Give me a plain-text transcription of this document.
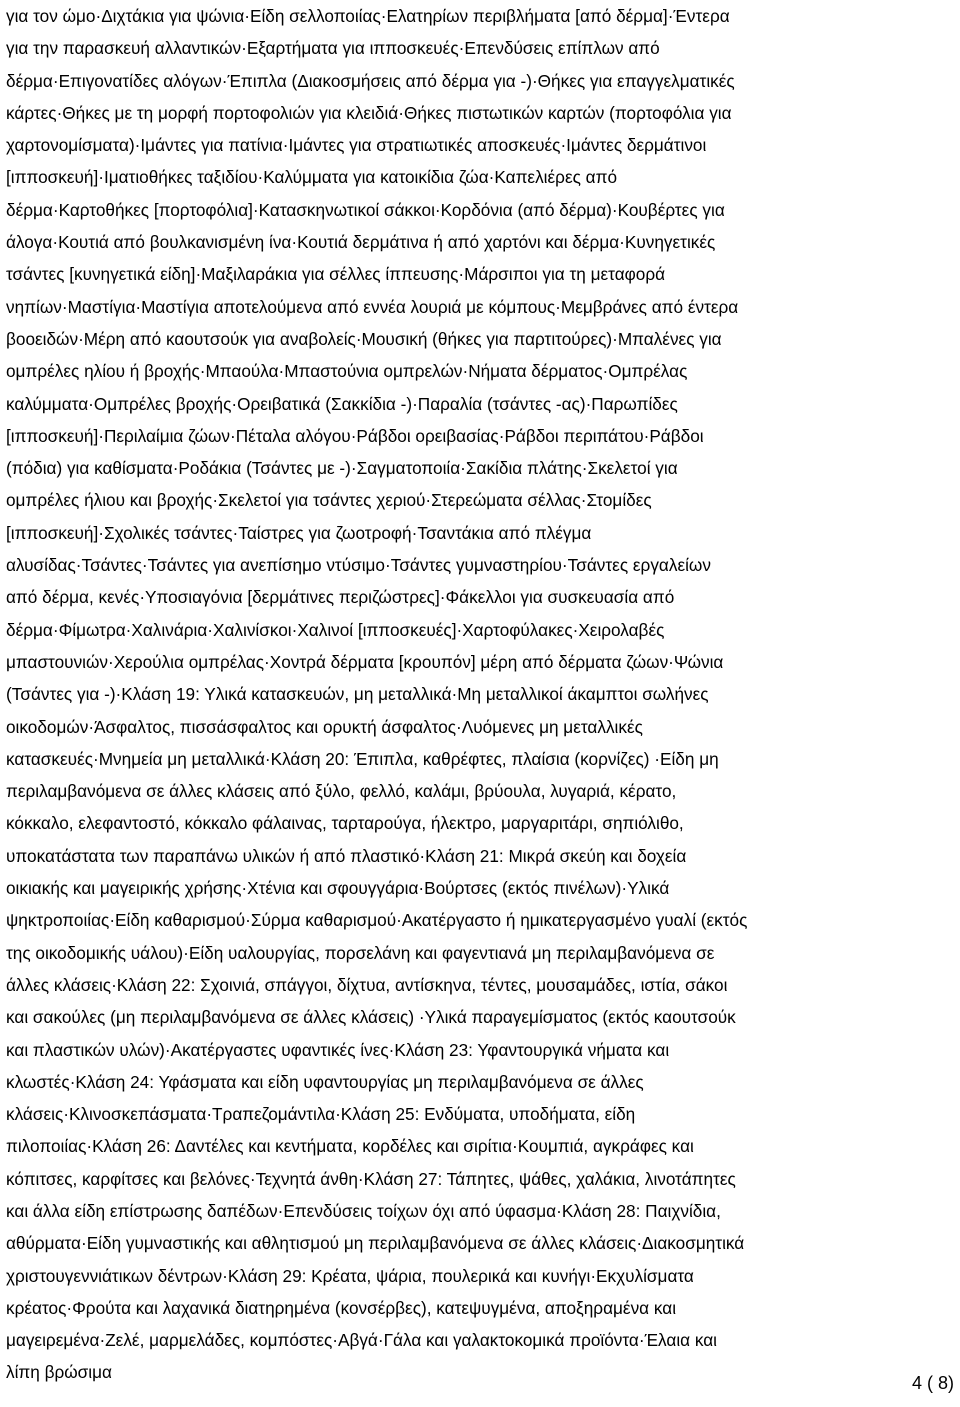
για τον ώμο·Διχτάκια για ψώνια·Είδη σελλοποιίας·Ελατηρίων περιβλήματα [από δέρμα]·Έντερα
για την παρασκευή αλλαντικών·Εξαρτήματα για ιπποσκευές·Επενδύσεις επίπλων από
δέρμα·Επιγονατίδες αλόγων·Έπιπλα (Διακοσμήσεις από δέρμα για -)·Θήκες για επαγγελματικές
κάρτες·Θήκες με τη μορφή πορτοφολιών για κλειδιά·Θήκες πιστωτικών καρτών (πορτοφόλια για
χαρτονομίσματα)·Ιμάντες για πατίνια·Ιμάντες για στρατιωτικές αποσκευές·Ιμάντες δερμάτινοι
[ιπποσκευή]·Ιματιοθήκες ταξιδίου·Καλύμματα για κατοικίδια ζώα·Καπελιέρες από
δέρμα·Καρτοθήκες [πορτοφόλια]·Κατασκηνωτικοί σάκκοι·Κορδόνια (από δέρμα)·Κουβέρτες για
άλογα·Κουτιά από βουλκανισμένη ίνα·Κουτιά δερμάτινα ή από χαρτόνι και δέρμα·Κυνηγετικές
τσάντες [κυνηγετικά είδη]·Μαξιλαράκια για σέλλες ίππευσης·Μάρσιποι για τη μεταφορά
νηπίων·Μαστίγια·Μαστίγια αποτελούμενα από εννέα λουριά με κόμπους·Μεμβράνες από έντερα
βοοειδών·Μέρη από καουτσούκ για αναβολείς·Μουσική (θήκες για παρτιτούρες)·Μπαλένες για
ομπρέλες ηλίου ή βροχής·Μπαούλα·Μπαστούνια ομπρελών·Νήματα δέρματος·Ομπρέλας
καλύμματα·Ομπρέλες βροχής·Ορειβατικά (Σακκίδια -)·Παραλία (τσάντες -ας)·Παρωπίδες
[ιπποσκευή]·Περιλαίμια ζώων·Πέταλα αλόγου·Ράβδοι ορειβασίας·Ράβδοι περιπάτου·Ράβδοι
(πόδια) για καθίσματα·Ροδάκια (Τσάντες με -)·Σαγματοποιία·Σακίδια πλάτης·Σκελετοί για
ομπρέλες ήλιου και βροχής·Σκελετοί για τσάντες χεριού·Στερεώματα σέλλας·Στομίδες
[ιπποσκευή]·Σχολικές τσάντες·Ταίστρες για ζωοτροφή·Τσαντάκια από πλέγμα
αλυσίδας·Τσάντες·Τσάντες για ανεπίσημο ντύσιμο·Τσάντες γυμναστηρίου·Τσάντες εργαλείων
από δέρμα, κενές·Υποσιαγόνια [δερμάτινες περιζώστρες]·Φάκελλοι για συσκευασία από
δέρμα·Φίμωτρα·Χαλινάρια·Χαλινίσκοι·Χαλινοί [ιπποσκευές]·Χαρτοφύλακες·Χειρολαβές
μπαστουνιών·Χερούλια ομπρέλας·Χοντρά δέρματα [κρουπόν] μέρη από δέρματα ζώων·Ψώνια
(Τσάντες για -)·Κλάση 19: Υλικά κατασκευών, μη μεταλλικά·Μη μεταλλικοί άκαμπτοι σωλήνες
οικοδομών·Άσφαλτος, πισσάσφαλτος και ορυκτή άσφαλτος·Λυόμενες μη μεταλλικές
κατασκευές·Μνημεία μη μεταλλικά·Κλάση 20: Έπιπλα, καθρέφτες, πλαίσια (κορνίζες) ·Είδη μη
περιλαμβανόμενα σε άλλες κλάσεις από ξύλο, φελλό, καλάμι, βρύουλα, λυγαριά, κέρατο,
κόκκαλο, ελεφαντοστό, κόκκαλο φάλαινας, ταρταρούγα, ήλεκτρο, μαργαριτάρι, σηπιόλιθο,
υποκατάστατα των παραπάνω υλικών ή από πλαστικό·Κλάση 21: Μικρά σκεύη και δοχεία
οικιακής και μαγειρικής χρήσης·Χτένια και σφουγγάρια·Βούρτσες (εκτός πινέλων)·Υλικά
ψηκτροποιίας·Είδη καθαρισμού·Σύρμα καθαρισμού·Ακατέργαστο ή ημικατεργασμένο γυαλί (εκτός
της οικοδομικής υάλου)·Είδη υαλουργίας, πορσελάνη και φαγεντιανά μη περιλαμβανόμενα σε
άλλες κλάσεις·Κλάση 22: Σχοινιά, σπάγγοι, δίχτυα, αντίσκηνα, τέντες, μουσαμάδες, ιστία, σάκοι
και σακούλες (μη περιλαμβανόμενα σε άλλες κλάσεις) ·Υλικά παραγεμίσματος (εκτός καουτσούκ
και πλαστικών υλών)·Ακατέργαστες υφαντικές ίνες·Κλάση 23: Υφαντουργικά νήματα και
κλωστές·Κλάση 24: Υφάσματα και είδη υφαντουργίας μη περιλαμβανόμενα σε άλλες
κλάσεις·Κλινοσκεπάσματα·Τραπεζομάντιλα·Κλάση 25: Ενδύματα, υποδήματα, είδη
πιλοποιίας·Κλάση 26: Δαντέλες και κεντήματα, κορδέλες και σιρίτια·Κουμπιά, αγκράφες και
κόπιτσες, καρφίτσες και βελόνες·Τεχνητά άνθη·Κλάση 27: Τάπητες, ψάθες, χαλάκια, λινοτάπητες
και άλλα είδη επίστρωσης δαπέδων·Επενδύσεις τοίχων όχι από ύφασμα·Κλάση 28: Παιχνίδια,
αθύρματα·Είδη γυμναστικής και αθλητισμού μη περιλαμβανόμενα σε άλλες κλάσεις·Διακοσμητικά
χριστουγεννιάτικων δέντρων·Κλάση 29: Κρέατα, ψάρια, πουλερικά και κυνήγι·Εκχυλίσματα
κρέατος·Φρούτα και λαχανικά διατηρημένα (κονσέρβες), κατεψυγμένα, αποξηραμένα και
μαγειρεμένα·Ζελέ, μαρμελάδες, κομπόστες·Αβγά·Γάλα και γαλακτοκομικά προϊόντα·Έλαια και
λίπη βρώσιμα
4 ( 8)
